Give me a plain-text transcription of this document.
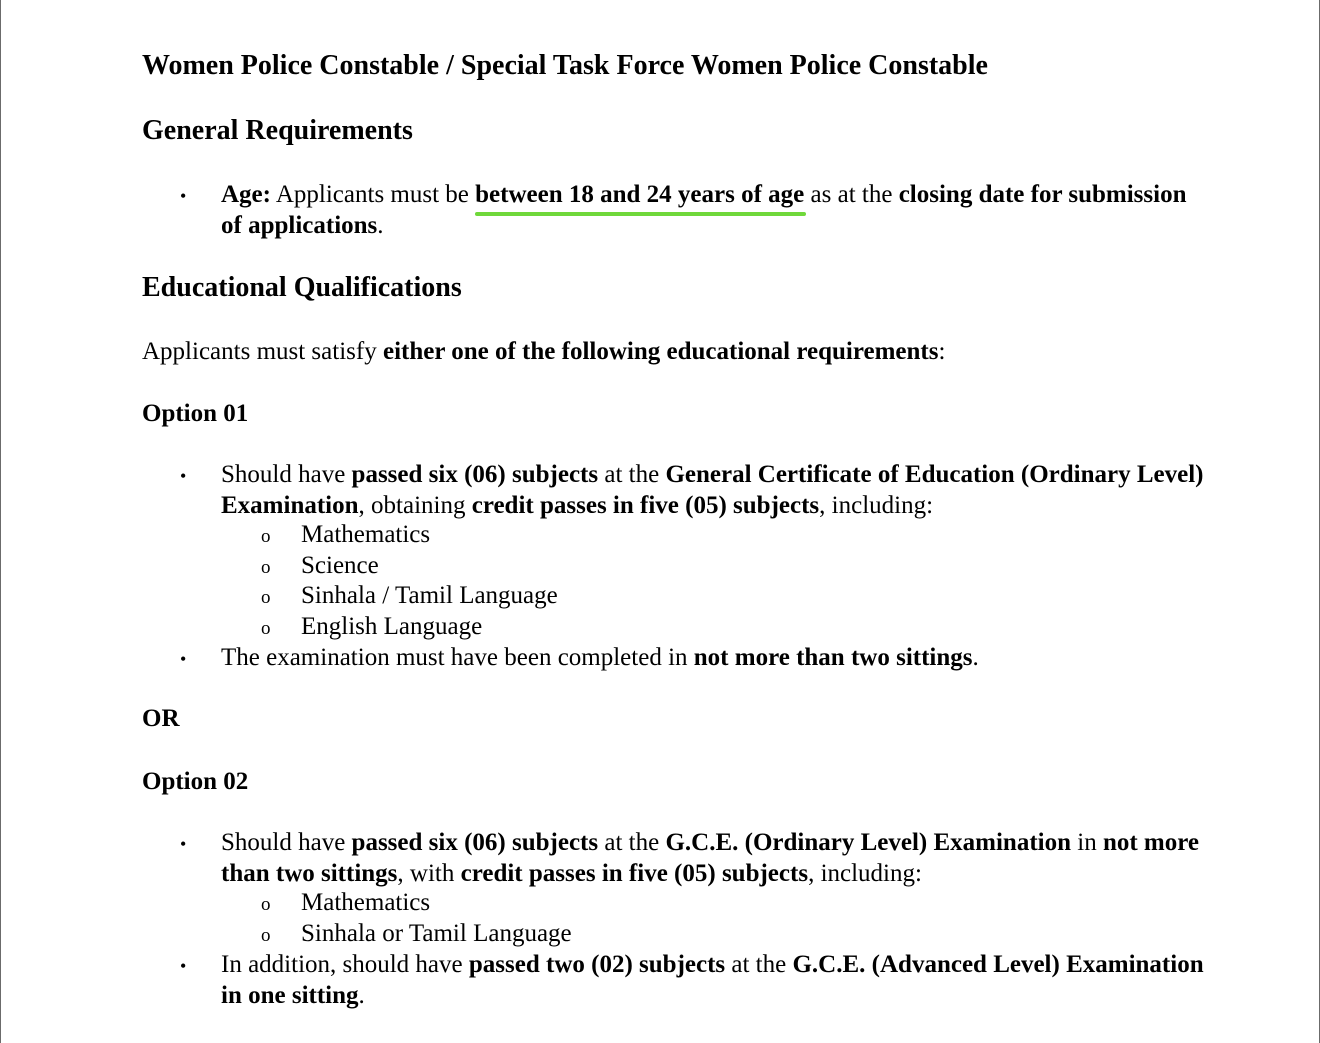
Women Police Constable / Special Task Force Women Police Constable
General Requirements
• Age: Applicants must be between 18 and 24 years of age
as at the closing date for submission of applications.

Educational Qualifications
Applicants must satisfy either one of the following educational requirements:
Option 01
• Should have passed six (06) subjects at the General Certificate of Education (Ordinary Level) Examination, obtaining credit passes in five (05) subjects, including:

o Mathematics
o Science
o Sinhala / Tamil Language
o English Language
• The examination must have been completed in not more than two sittings.

OR
Option 02
• Should have passed six (06) subjects at the G.C.E. (Ordinary Level) Examination in not more than two sittings, with credit passes in five (05) subjects, including:

o Mathematics
o Sinhala or Tamil Language
• In addition, should have passed two (02) subjects at the G.C.E. (Advanced Level) Examination in one sitting.
